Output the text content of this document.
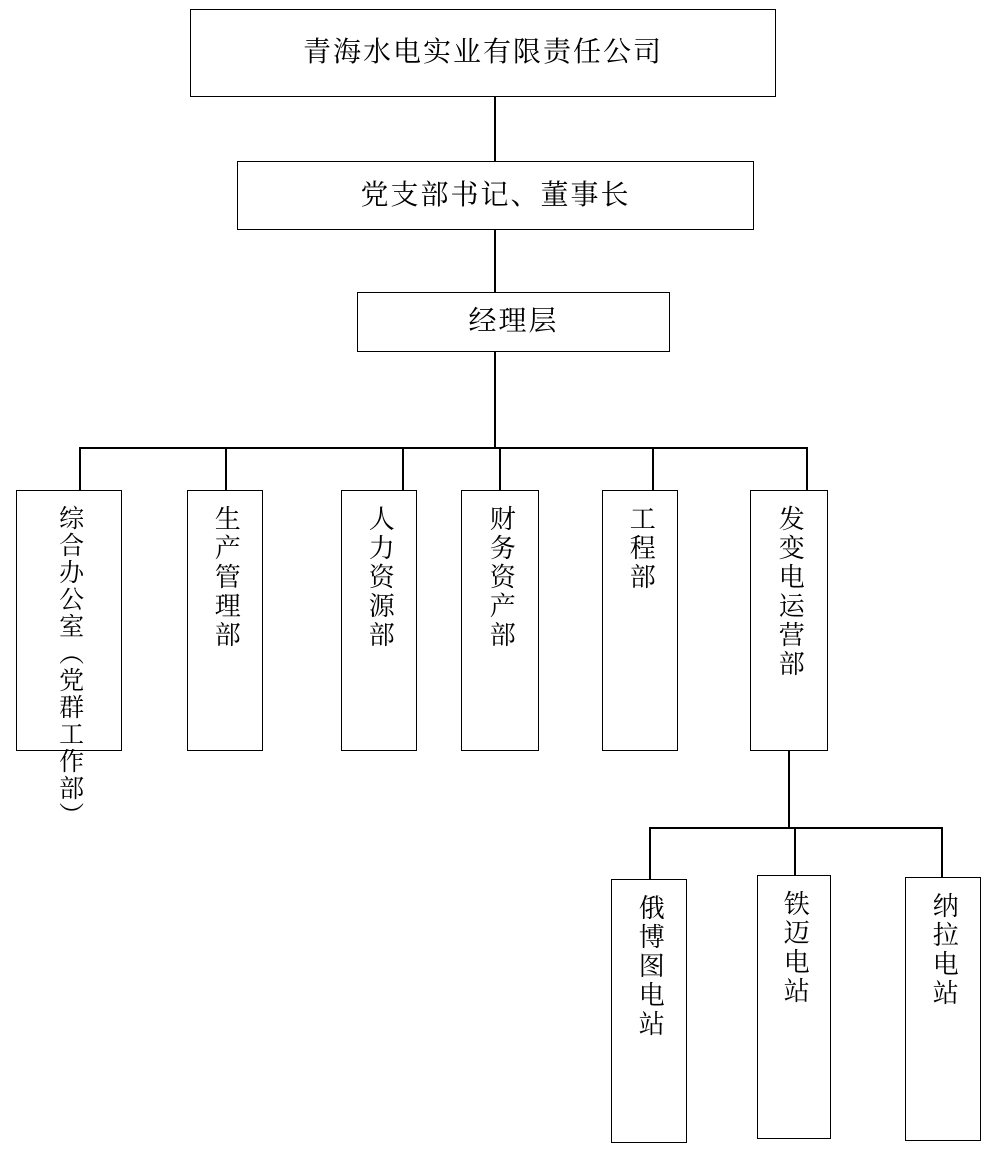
青海水电实业有限责任公司
党支部书记、董事长
经理层
综合办公室（党群工作部）	生产管理部	人力资源部	财务资产部	工程部	发变电运营部
俄博图电站	铁迈电站	纳拉电站
